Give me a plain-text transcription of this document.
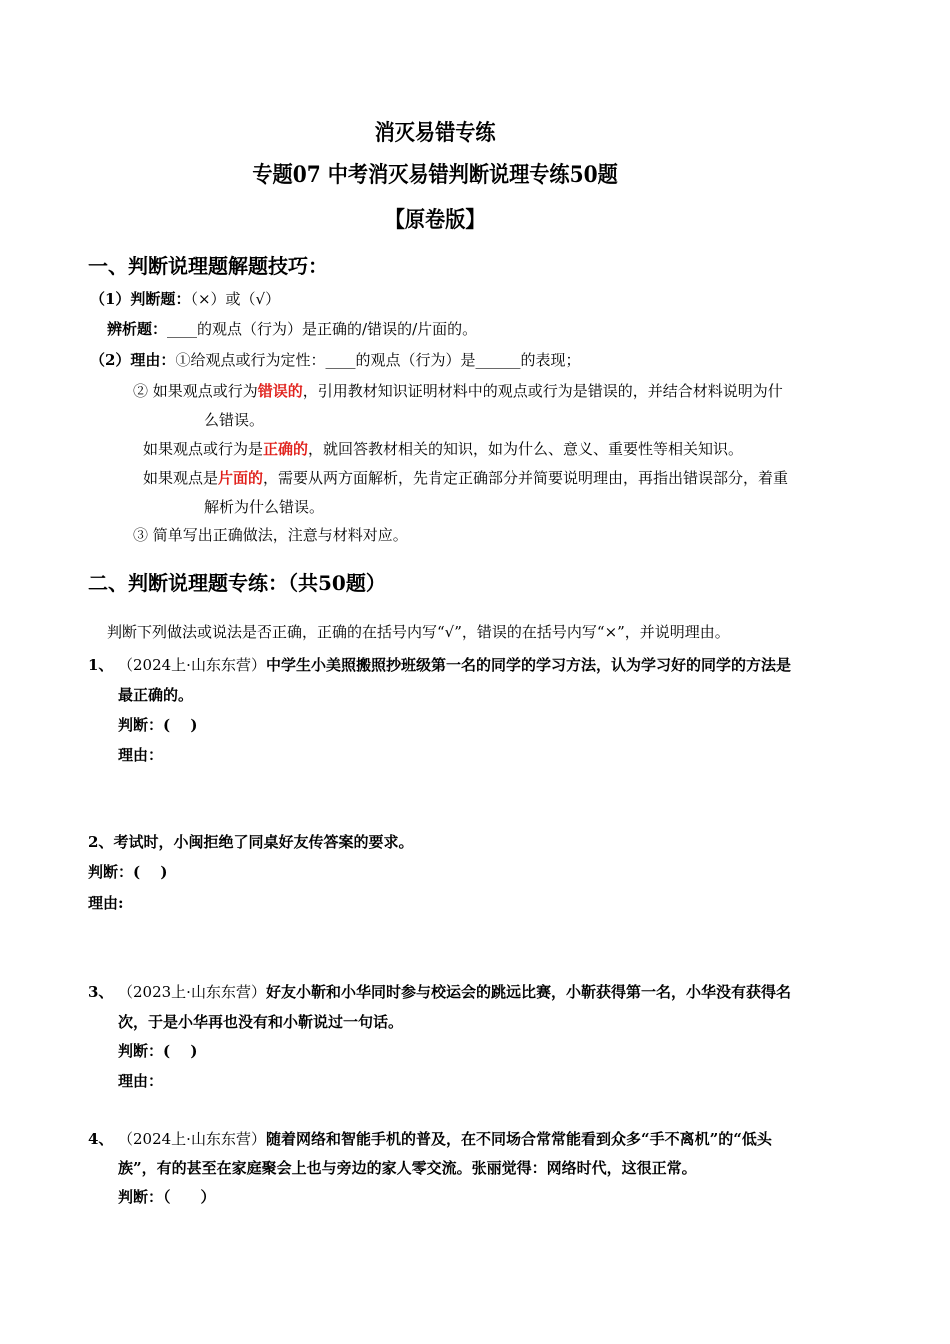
消灭易错专练
专题07 中考消灭易错判断说理专练50题
【原卷版】
一、判断说理题解题技巧：
（1）判断题：（×）或（√）
辨析题：____的观点（行为）是正确的/错误的/片面的。
（2）理由：①给观点或行为定性：____的观点（行为）是______的表现；
② 如果观点或行为错误的，引用教材知识证明材料中的观点或行为是错误的，并结合材料说明为什
么错误。
如果观点或行为是正确的，就回答教材相关的知识，如为什么、意义、重要性等相关知识。
如果观点是片面的，需要从两方面解析，先肯定正确部分并简要说明理由，再指出错误部分，着重
解析为什么错误。
③ 简单写出正确做法，注意与材料对应。
二、判断说理题专练：（共50题）
判断下列做法或说法是否正确，正确的在括号内写“√”，错误的在括号内写“×”，并说明理由。
1、 （2024上·山东东营）中学生小美照搬照抄班级第一名的同学的学习方法，认为学习好的同学的方法是
最正确的。
判断：(　 )
理由：
2、考试时，小闽拒绝了同桌好友传答案的要求。
判断：(　 )
理由:
3、 （2023上·山东东营）好友小靳和小华同时参与校运会的跳远比赛，小靳获得第一名，小华没有获得名
次，于是小华再也没有和小靳说过一句话。
判断：(　 )
理由：
4、 （2024上·山东东营）随着网络和智能手机的普及，在不同场合常常能看到众多“手不离机”的“低头
族”，有的甚至在家庭聚会上也与旁边的家人零交流。张丽觉得：网络时代，这很正常。
判断：（　　）
